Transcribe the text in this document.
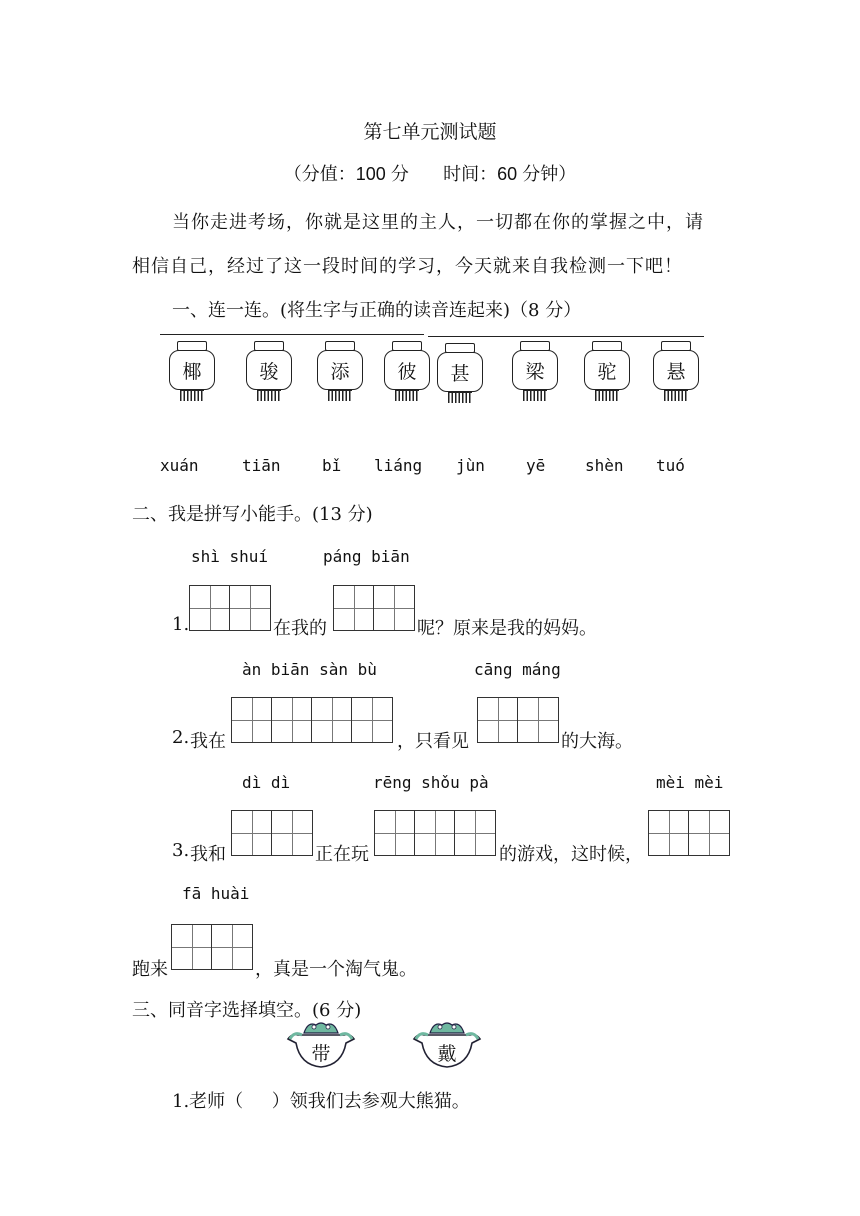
第七单元测试题
（分值：100 分 时间：60 分钟）
当你走进考场，你就是这里的主人，一切都在你的掌握之中，请
相信自己，经过了这一段时间的学习，今天就来自我检测一下吧！
一、连一连。(将生字与正确的读音连起来)（8 分）
椰	骏	添	彼	甚	梁	驼	悬
xuán	tiān	bǐ liáng jùn	yē shèn tuó
二、我是拼写小能手。(13 分)
shì shuí	páng biān
1.	在我的	呢？原来是我的妈妈。
àn biān sàn bù	cāng máng
2. 我在	，只看见	的大海。
dì dì	rēng shǒu pà	mèi mèi
3. 我和	正在玩	的游戏，这时候，
fā huài
跑来	，真是一个淘气鬼。
三、同音字选择填空。(6 分)
带	戴
1.老师（     ）领我们去参观大熊猫。
